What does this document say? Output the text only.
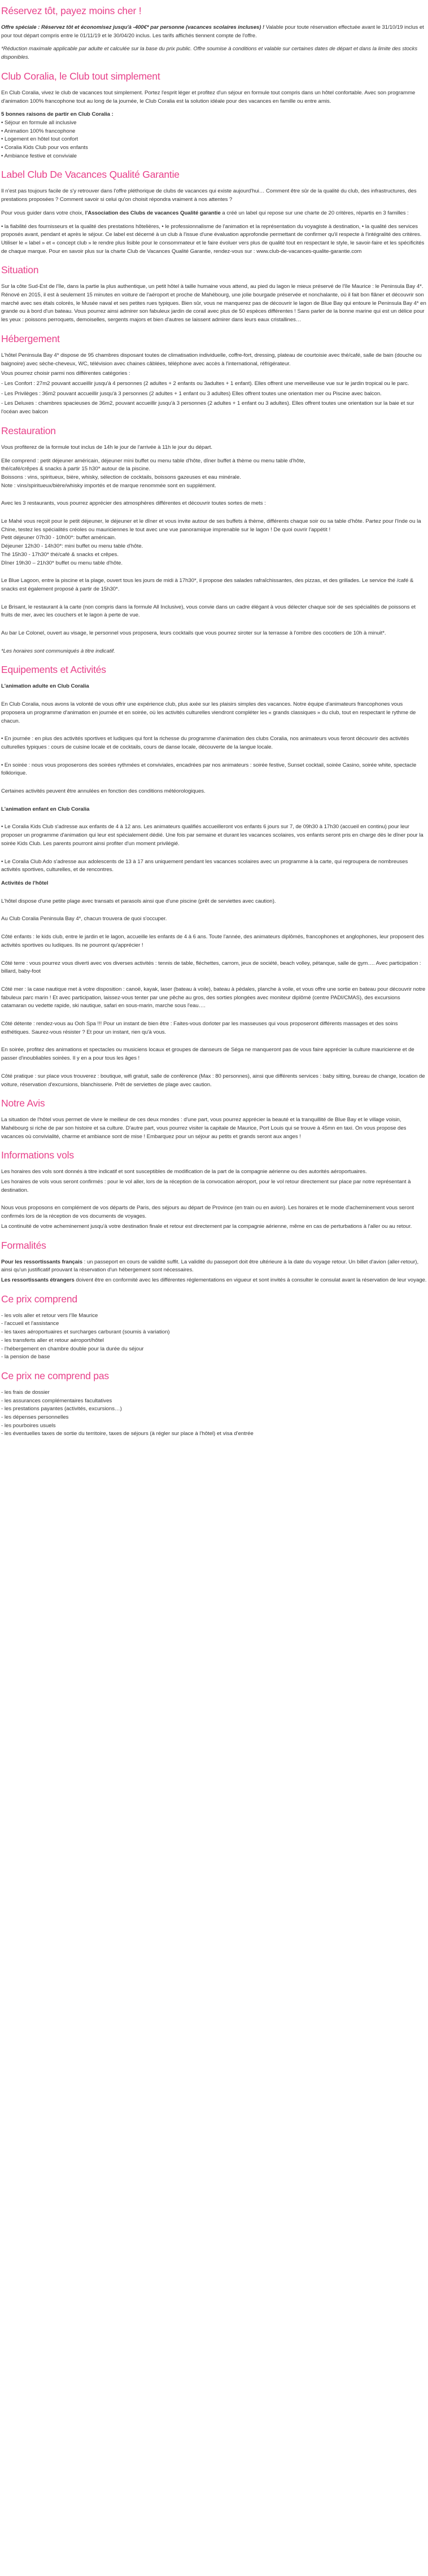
Réservez tôt, payez moins cher !

Offre spéciale : Réservez tôt et économisez jusqu'à -400€* par personne (vacances scolaires incluses) ! Valable pour toute réservation effectuée avant le 31/10/19 inclus et pour tout départ compris entre le 01/11/19 et le 30/04/20 inclus. Les tarifs affichés tiennent compte de l'offre.

*Réduction maximale applicable par adulte et calculée sur la base du prix public. Offre soumise à conditions et valable sur certaines dates de départ et dans la limite des stocks disponibles.

Club Coralia, le Club tout simplement

En Club Coralia, vivez le club de vacances tout simplement. Portez l'esprit léger et profitez d'un séjour en formule tout compris dans un hôtel confortable. Avec son programme d'animation 100% francophone tout au long de la journée, le Club Coralia est la solution idéale pour des vacances en famille ou entre amis.

5 bonnes raisons de partir en Club Coralia :
• Séjour en formule all inclusive
• Animation 100% francophone
• Logement en hôtel tout confort
• Coralia Kids Club pour vos enfants
• Ambiance festive et conviviale
Label Club De Vacances Qualité Garantie

Il n'est pas toujours facile de s'y retrouver dans l'offre pléthorique de clubs de vacances qui existe aujourd'hui… Comment être sûr de la qualité du club, des infrastructures, des prestations proposées ? Comment savoir si celui qu'on choisit répondra vraiment à nos attentes ?

Pour vous guider dans votre choix, l'Association des Clubs de vacances Qualité garantie a créé un label qui repose sur une charte de 20 critères, répartis en 3 familles :

• la fiabilité des fournisseurs et la qualité des prestations hôtelières, • le professionnalisme de l'animation et la représentation du voyagiste à destination, • la qualité des services proposés avant, pendant et après le séjour. Ce label est décerné à un club à l'issue d'une évaluation approfondie permettant de confirmer qu'il respecte à l'intégralité des critères. Utiliser le « label » et « concept club » le rendre plus lisible pour le consommateur et le faire évoluer vers plus de qualité tout en respectant le style, le savoir-faire et les spécificités de chaque marque. Pour en savoir plus sur la charte Club de Vacances Qualité Garantie, rendez-vous sur : www.club-de-vacances-qualite-garantie.com

Situation

Sur la côte Sud-Est de l'île, dans la partie la plus authentique, un petit hôtel à taille humaine vous attend, au pied du lagon le mieux préservé de l'île Maurice : le Peninsula Bay 4*. Rénové en 2015, il est à seulement 15 minutes en voiture de l'aéroport et proche de Mahébourg, une jolie bourgade préservée et nonchalante, où il fait bon flâner et découvrir son marché avec ses étals colorés, le Musée naval et ses petites rues typiques. Bien sûr, vous ne manquerez pas de découvrir le lagon de Blue Bay qui entoure le Peninsula Bay 4* en grande ou à bord d'un bateau. Vous pourrez ainsi admirer son fabuleux jardin de corail avec plus de 50 espèces différentes ! Sans parler de la bonne marine qui est un délice pour les yeux : poissons perroquets, demoiselles, sergents majors et bien d'autres se laissent admirer dans leurs eaux cristallines…

Hébergement

L'hôtel Peninsula Bay 4* dispose de 95 chambres disposant toutes de climatisation individuelle, coffre-fort, dressing, plateau de courtoisie avec thé/café, salle de bain (douche ou baignoire) avec sèche-cheveux, WC, télévision avec chaines câblées, téléphone avec accès à l'international, réfrigérateur.

Vous pourrez choisir parmi nos différentes catégories :

- Les Confort : 27m2 pouvant accueillir jusqu'à 4 personnes (2 adultes + 2 enfants ou 3adultes + 1 enfant). Elles offrent une merveilleuse vue sur le jardin tropical ou le parc.

- Les Privilèges : 36m2 pouvant accueillir jusqu'à 3 personnes (2 adultes + 1 enfant ou 3 adultes) Elles offrent toutes une orientation mer ou Piscine avec balcon.

- Les Deluxes : chambres spacieuses de 36m2, pouvant accueillir jusqu'à 3 personnes (2 adultes + 1 enfant ou 3 adultes). Elles offrent toutes une orientation sur la baie et sur l'océan avec balcon

Restauration

Vous profiterez de la formule tout inclus de 14h le jour de l'arrivée à 11h le jour du départ.

Elle comprend : petit déjeuner américain, déjeuner mini buffet ou menu table d'hôte, dîner buffet à thème ou menu table d'hôte,
thé/café/crêpes & snacks à partir 15 h30* autour de la piscine.
Boissons : vins, spiritueux, bière, whisky, sélection de cocktails, boissons gazeuses et eau minérale.
Note : vins/spiritueux/bière/whisky importés et de marque renommée sont en supplément.

Avec les 3 restaurants, vous pourrez apprécier des atmosphères différentes et découvrir toutes sortes de mets :

Le Mahé vous reçoit pour le petit déjeuner, le déjeuner et le dîner et vous invite autour de ses buffets à thème, différents chaque soir ou sa table d'hôte. Partez pour l'Inde ou la Chine, testez les spécialités créoles ou mauriciennes le tout avec une vue panoramique imprenable sur le lagon ! De quoi ouvrir l'appétit !
Petit déjeuner 07h30 - 10h00*: buffet américain.
Déjeuner 12h30 - 14h30*: mini buffet ou menu table d'hôte.
Thé 15h30 - 17h30* thé/café & snacks et crêpes.
Dîner 19h30 – 21h30* buffet ou menu table d'hôte.

Le Blue Lagoon, entre la piscine et la plage, ouvert tous les jours de midi à 17h30*, il propose des salades rafraîchissantes, des pizzas, et des grillades. Le service thé /café & snacks est également proposé à partir de 15h30*.

Le Brisant, le restaurant à la carte (non compris dans la formule All Inclusive), vous convie dans un cadre élégant à vous délecter chaque soir de ses spécialités de poissons et fruits de mer, avec les couchers et le lagon à perte de vue.

Au bar Le Colonel, ouvert au visage, le personnel vous proposera, leurs cocktails que vous pourrez siroter sur la terrasse à l'ombre des cocotiers de 10h à minuit*.

*Les horaires sont communiqués à titre indicatif.

Equipements et Activités

L'animation adulte en Club Coralia

En Club Coralia, nous avons la volonté de vous offrir une expérience club, plus axée sur les plaisirs simples des vacances. Notre équipe d'animateurs francophones vous proposera un programme d'animation en journée et en soirée, où les activités culturelles viendront compléter les « grands classiques » du club, tout en respectant le rythme de chacun.

• En journée : en plus des activités sportives et ludiques qui font la richesse du programme d'animation des clubs Coralia, nos animateurs vous feront découvrir des activités culturelles typiques : cours de cuisine locale et de cocktails, cours de danse locale, découverte de la langue locale.

• En soirée : nous vous proposerons des soirées rythmées et conviviales, encadrées par nos animateurs : soirée festive, Sunset cocktail, soirée Casino, soirée white, spectacle folklorique.

Certaines activités peuvent être annulées en fonction des conditions météorologiques.

L'animation enfant en Club Coralia

• Le Coralia Kids Club s'adresse aux enfants de 4 à 12 ans. Les animateurs qualifiés accueilleront vos enfants 6 jours sur 7, de 09h30 à 17h30 (accueil en continu) pour leur proposer un programme d'animation qui leur est spécialement dédié. Une fois par semaine et durant les vacances scolaires, vos enfants seront pris en charge dès le dîner pour la soirée Kids Club. Les parents pourront ainsi profiter d'un moment privilégié.

• Le Coralia Club Ado s'adresse aux adolescents de 13 à 17 ans uniquement pendant les vacances scolaires avec un programme à la carte, qui regroupera de nombreuses activités sportives, culturelles, et de rencontres.

Activités de l'hôtel

L'hôtel dispose d'une petite plage avec transats et parasols ainsi que d'une piscine (prêt de serviettes avec caution).

Au Club Coralia Peninsula Bay 4*, chacun trouvera de quoi s'occuper.

Côté enfants : le kids club, entre le jardin et le lagon, accueille les enfants de 4 à 6 ans. Toute l'année, des animateurs diplômés, francophones et anglophones, leur proposent des activités sportives ou ludiques. Ils ne pourront qu'apprécier !

Côté terre : vous pourrez vous diverti avec vos diverses activités : tennis de table, fléchettes, carrom, jeux de société, beach volley, pétanque, salle de gym…. Avec participation : billard, baby-foot

Côté mer : la case nautique met à votre disposition : canoë, kayak, laser (bateau à voile), bateau à pédales, planche à voile, et vous offre une sortie en bateau pour découvrir notre fabuleux parc marin ! Et avec participation, laissez-vous tenter par une pêche au gros, des sorties plongées avec moniteur diplômé (centre PADI/CMAS), des excursions catamaran ou vedette rapide, ski nautique, safari en sous-marin, marche sous l'eau….

Côté détente : rendez-vous au Ooh Spa !!! Pour un instant de bien être : Faites-vous dorloter par les masseuses qui vous proposeront différents massages et des soins esthétiques. Saurez-vous résister ? Et pour un instant, rien qu'à vous.

En soirée, profitez des animations et spectacles ou musiciens locaux et groupes de danseurs de Séga ne manqueront pas de vous faire apprécier la culture mauricienne et de passer d'inoubliables soirées. Il y en a pour tous les âges !

Côté pratique : sur place vous trouverez : boutique, wifi gratuit, salle de conférence (Max : 80 personnes), ainsi que différents services : baby sitting, bureau de change, location de voiture, réservation d'excursions, blanchisserie. Prêt de serviettes de plage avec caution.

Notre Avis

La situation de l'hôtel vous permet de vivre le meilleur de ces deux mondes : d'une part, vous pourrez apprécier la beauté et la tranquillité de Blue Bay et le village voisin, Mahébourg si riche de par son histoire et sa culture. D'autre part, vous pourrez visiter la capitale de Maurice, Port Louis qui se trouve à 45mn en taxi. On vous propose des vacances où convivialité, charme et ambiance sont de mise ! Embarquez pour un séjour au petits et grands seront aux anges !

Informations vols

Les horaires des vols sont donnés à titre indicatif et sont susceptibles de modification de la part de la compagnie aérienne ou des autorités aéroportuaires.

Les horaires de vols vous seront confirmés : pour le vol aller, lors de la réception de la convocation aéroport, pour le vol retour directement sur place par notre représentant à destination.

Nous vous proposons en complément de vos départs de Paris, des séjours au départ de Province (en train ou en avion). Les horaires et le mode d'acheminement vous seront confirmés lors de la réception de vos documents de voyages.

La continuité de votre acheminement jusqu'à votre destination finale et retour est directement par la compagnie aérienne, même en cas de perturbations à l'aller ou au retour.

Formalités

Pour les ressortissants français : un passeport en cours de validité suffit. La validité du passeport doit être ultérieure à la date du voyage retour. Un billet d'avion (aller-retour), ainsi qu'un justificatif prouvant la réservation d'un hébergement sont nécessaires.

Les ressortissants étrangers doivent être en conformité avec les différentes réglementations en vigueur et sont invités à consulter le consulat avant la réservation de leur voyage.

Ce prix comprend
- les vols aller et retour vers l'île Maurice
- l'accueil et l'assistance
- les taxes aéroportuaires et surcharges carburant (soumis à variation)
- les transferts aller et retour aéroport/hôtel
- l'hébergement en chambre double pour la durée du séjour
- la pension de base
Ce prix ne comprend pas
- les frais de dossier
- les assurances complémentaires facultatives
- les prestations payantes (activités, excursions…)
- les dépenses personnelles
- les pourboires usuels
- les éventuelles taxes de sortie du territoire, taxes de séjours (à régler sur place à l'hôtel) et visa d'entrée
